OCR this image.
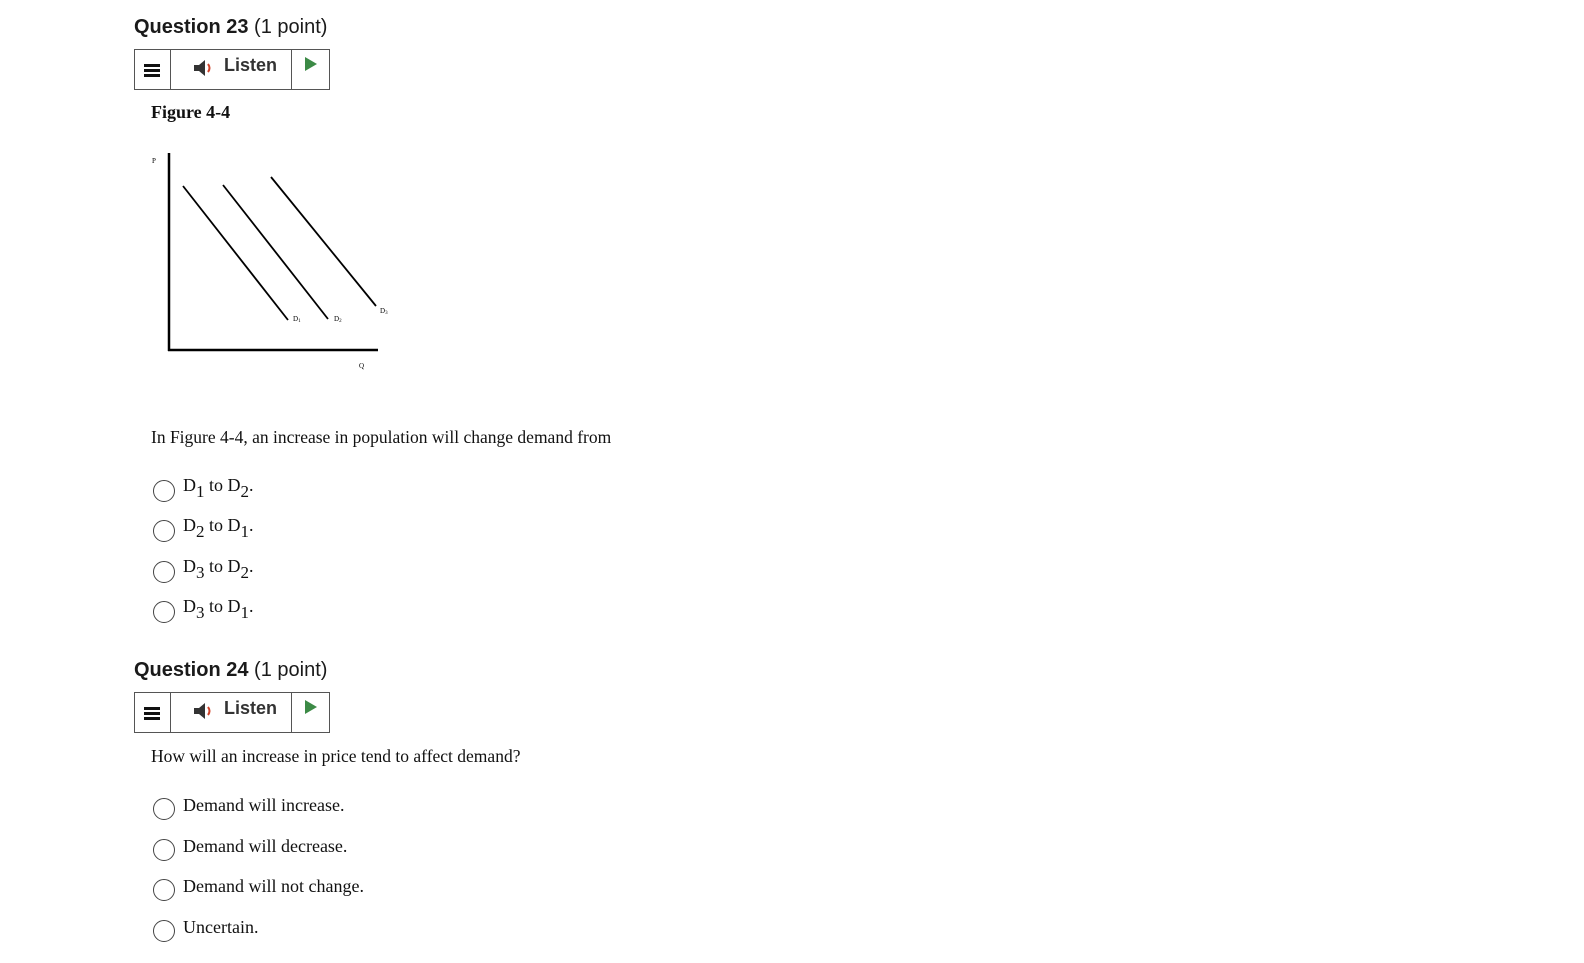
Question 23 (1 point)
Listen
Figure 4-4
P
Q
D1	D2
D3
In Figure 4-4, an increase in population will change demand from
$D_1$ to $D_2$.
$D_2$ to $D_1$.
$D_3$ to $D_2$.
$D_3$ to $D_1$.
Question 24 (1 point)
Listen
How will an increase in price tend to affect demand?
Demand will increase.
Demand will decrease.
Demand will not change.
Uncertain.
